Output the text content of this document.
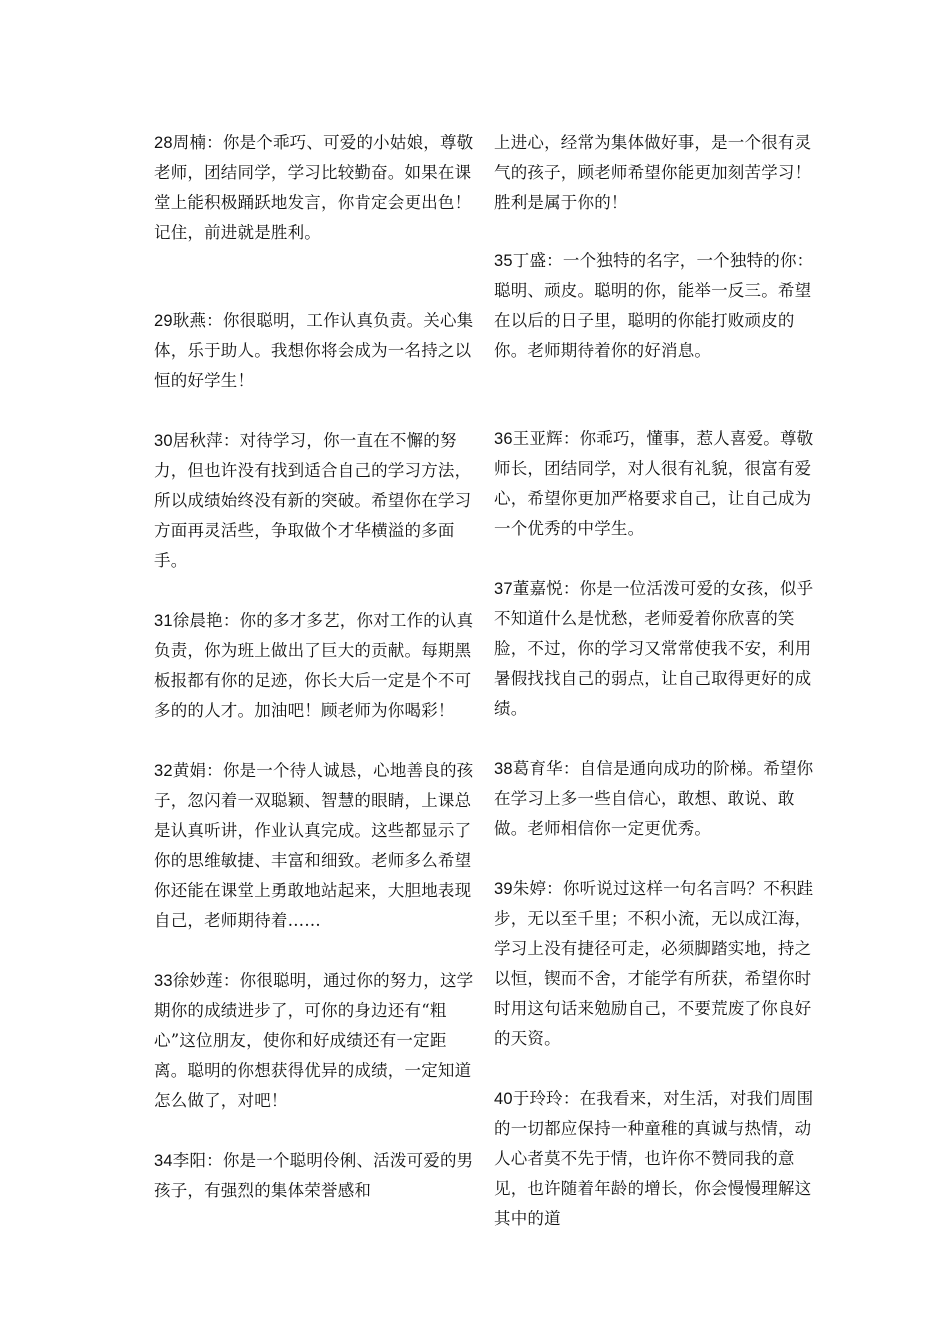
28周楠：你是个乖巧、可爱的小姑娘，尊敬老师，团结同学，学习比较勤奋。如果在课堂上能积极踊跃地发言，你肯定会更出色！记住，前进就是胜利。

29耿燕：你很聪明，工作认真负责。关心集体，乐于助人。我想你将会成为一名持之以恒的好学生！

30居秋萍：对待学习，你一直在不懈的努力，但也许没有找到适合自己的学习方法，所以成绩始终没有新的突破。希望你在学习方面再灵活些，争取做个才华横溢的多面手。

31徐晨艳：你的多才多艺，你对工作的认真负责，你为班上做出了巨大的贡献。每期黑板报都有你的足迹，你长大后一定是个不可多的的人才。加油吧！顾老师为你喝彩！

32黄娟：你是一个待人诚恳，心地善良的孩子，忽闪着一双聪颖、智慧的眼睛，上课总是认真听讲，作业认真完成。这些都显示了你的思维敏捷、丰富和细致。老师多么希望你还能在课堂上勇敢地站起来，大胆地表现自己，老师期待着……

33徐妙莲：你很聪明，通过你的努力，这学期你的成绩进步了，可你的身边还有“粗心”这位朋友，使你和好成绩还有一定距离。聪明的你想获得优异的成绩，一定知道怎么做了，对吧！

34李阳：你是一个聪明伶俐、活泼可爱的男孩子，有强烈的集体荣誉感和

上进心，经常为集体做好事，是一个很有灵气的孩子，顾老师希望你能更加刻苦学习！胜利是属于你的！

35丁盛：一个独特的名字，一个独特的你：聪明、顽皮。聪明的你，能举一反三。希望在以后的日子里，聪明的你能打败顽皮的你。老师期待着你的好消息。

36王亚辉：你乖巧，懂事，惹人喜爱。尊敬师长，团结同学，对人很有礼貌，很富有爱心，希望你更加严格要求自己，让自己成为一个优秀的中学生。

37董嘉悦：你是一位活泼可爱的女孩，似乎不知道什么是忧愁，老师爱着你欣喜的笑脸，不过，你的学习又常常使我不安，利用暑假找找自己的弱点，让自己取得更好的成绩。

38葛育华：自信是通向成功的阶梯。希望你在学习上多一些自信心，敢想、敢说、敢做。老师相信你一定更优秀。

39朱婷：你听说过这样一句名言吗？不积跬步，无以至千里；不积小流，无以成江海，学习上没有捷径可走，必须脚踏实地，持之以恒，锲而不舍，才能学有所获，希望你时时用这句话来勉励自己，不要荒废了你良好的天资。

40于玲玲：在我看来，对生活，对我们周围的一切都应保持一种童稚的真诚与热情，动人心者莫不先于情，也许你不赞同我的意见，也许随着年龄的增长，你会慢慢理解这其中的道
